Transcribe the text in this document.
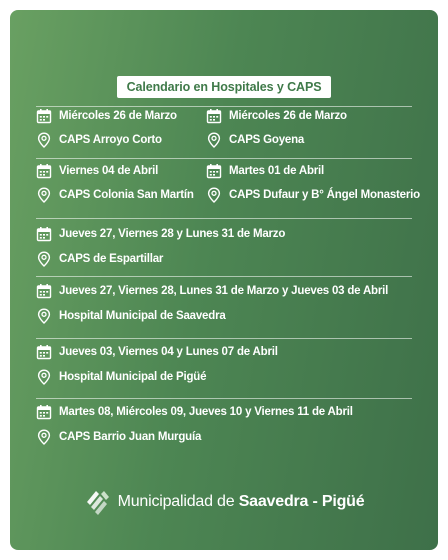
Calendario en Hospitales y CAPS
Miércoles 26 de Marzo
CAPS Arroyo Corto
Miércoles 26 de Marzo
CAPS Goyena
Viernes 04 de Abril
CAPS Colonia San Martín
Martes 01 de Abril
CAPS Dufaur y B° Ángel Monasterio
Jueves 27, Viernes 28 y Lunes 31 de Marzo
CAPS de Espartillar
Jueves 27, Viernes 28, Lunes 31 de Marzo y Jueves 03 de Abril
Hospital Municipal de Saavedra
Jueves 03, Viernes 04 y Lunes 07 de Abril
Hospital Municipal de Pigüé
Martes 08, Miércoles 09, Jueves 10 y Viernes 11 de Abril
CAPS Barrio Juan Murguía
Municipalidad de Saavedra - Pigüé
